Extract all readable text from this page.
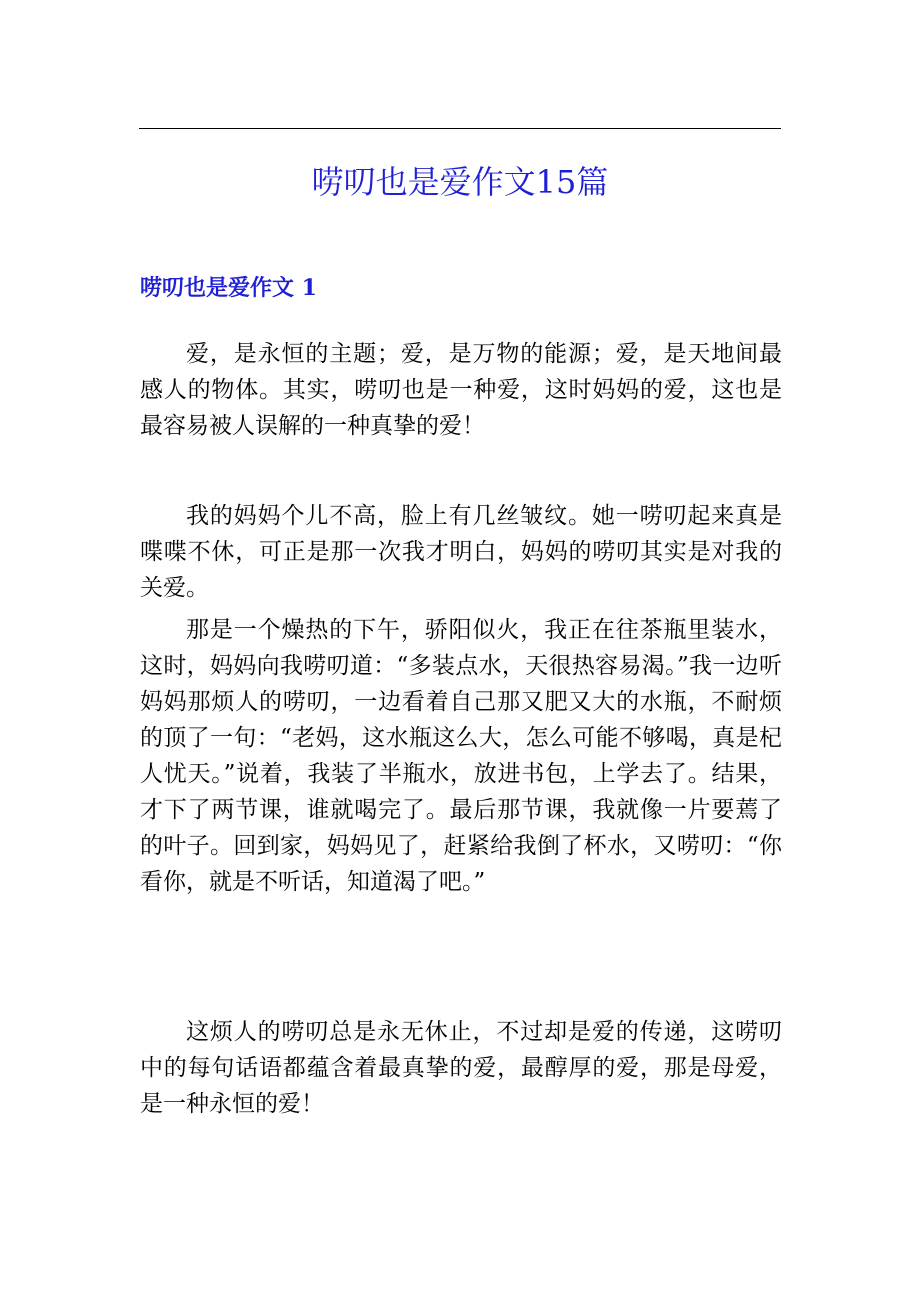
唠叨也是爱作文15篇
唠叨也是爱作文 1

爱，是永恒的主题；爱，是万物的能源；爱，是天地间最感人的物体。其实，唠叨也是一种爱，这时妈妈的爱，这也是最容易被人误解的一种真挚的爱！

我的妈妈个儿不高，脸上有几丝皱纹。她一唠叨起来真是喋喋不休，可正是那一次我才明白，妈妈的唠叨其实是对我的关爱。

那是一个燥热的下午，骄阳似火，我正在往茶瓶里装水，这时，妈妈向我唠叨道：“多装点水，天很热容易渴。”我一边听妈妈那烦人的唠叨，一边看着自己那又肥又大的水瓶，不耐烦的顶了一句：“老妈，这水瓶这么大，怎么可能不够喝，真是杞人忧天。”说着，我装了半瓶水，放进书包，上学去了。结果，才下了两节课，谁就喝完了。最后那节课，我就像一片要蔫了的叶子。回到家，妈妈见了，赶紧给我倒了杯水，又唠叨：“你看你，就是不听话，知道渴了吧。”

这烦人的唠叨总是永无休止，不过却是爱的传递，这唠叨中的每句话语都蕴含着最真挚的爱，最醇厚的爱，那是母爱，是一种永恒的爱！
